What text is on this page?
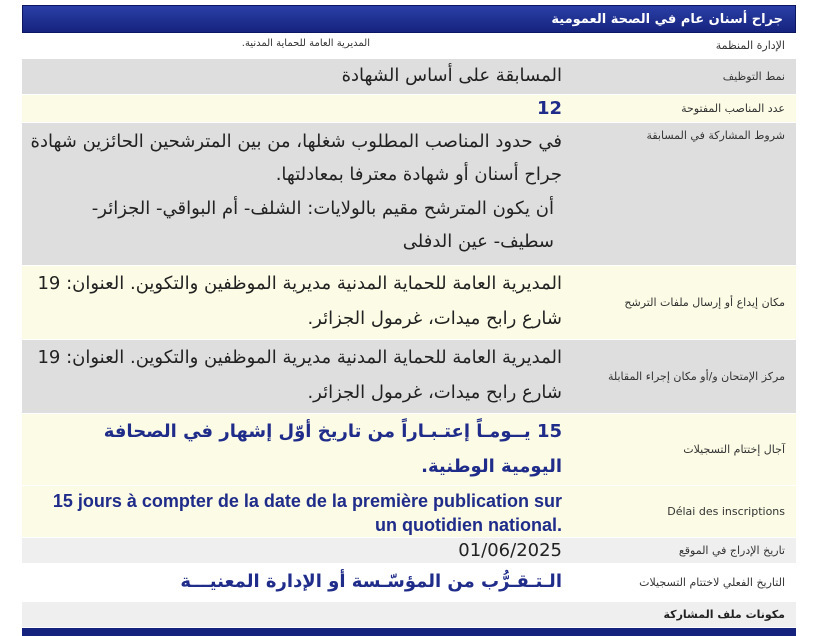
جراح أسنان عام في الصحة العمومية
الإدارة المنظمة
المديرية العامة للحماية المدنية.
نمط التوظيف
المسابقة على أساس الشهادة
عدد المناصب المفتوحة
12
شروط المشاركة في المسابقة
في حدود المناصب المطلوب شغلها، من بين المترشحين الحائزين شهادة جراح أسنان أو شهادة معترفا بمعادلتها.
أن يكون المترشح مقيم بالولايات: الشلف- أم البواقي- الجزائر- سطيف- عين الدفلى
مكان إيداع أو إرسال ملفات الترشح
المديرية العامة للحماية المدنية مديرية الموظفين والتكوين. العنوان: 19 شارع رابح ميدات، غرمول الجزائر.
مركز الإمتحان و/أو مكان إجراء المقابلة
المديرية العامة للحماية المدنية مديرية الموظفين والتكوين. العنوان: 19 شارع رابح ميدات، غرمول الجزائر.
آجال إختتام التسجيلات
15 يــومـاً إعتـبـاراً من تاريخ أوّل إشهار في الصحافة اليومية الوطنية.
Délai des inscriptions
15 jours à compter de la date de la première publication sur un quotidien national.
تاريخ الإدراج في الموقع
01/06/2025
التاريخ الفعلي لاختتام التسجيلات
الـتـقـرُّب من المؤسّـسة أو الإدارة المعنيـــة
مكونات ملف المشاركة
